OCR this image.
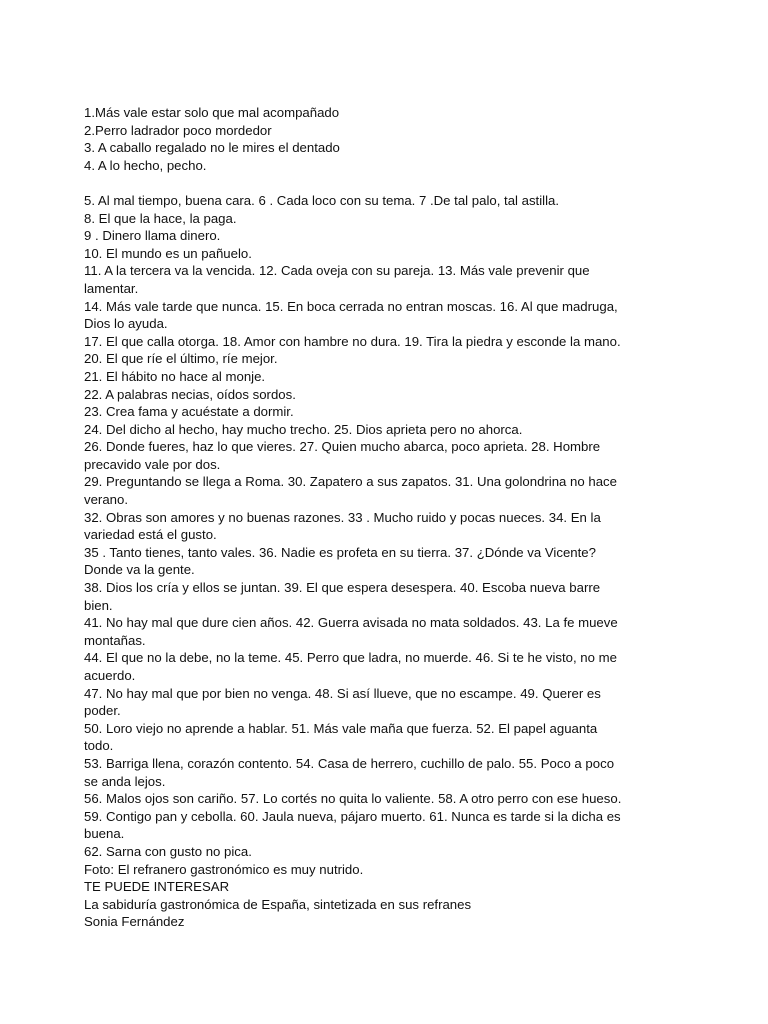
1.Más vale estar solo que mal acompañado

2.Perro ladrador poco mordedor

3. A caballo regalado no le mires el dentado

4. A lo hecho, pecho.

5. Al mal tiempo, buena cara. 6 . Cada loco con su tema. 7 .De tal palo, tal astilla.

8. El que la hace, la paga.

9 . Dinero llama dinero.

10. El mundo es un pañuelo.

11. A la tercera va la vencida. 12. Cada oveja con su pareja. 13. Más vale prevenir que lamentar.

14. Más vale tarde que nunca. 15. En boca cerrada no entran moscas. 16. Al que madruga, Dios lo ayuda.

17. El que calla otorga. 18. Amor con hambre no dura. 19. Tira la piedra y esconde la mano.

20. El que ríe el último, ríe mejor.

21. El hábito no hace al monje.

22. A palabras necias, oídos sordos.

23. Crea fama y acuéstate a dormir.

24. Del dicho al hecho, hay mucho trecho. 25. Dios aprieta pero no ahorca.

26. Donde fueres, haz lo que vieres. 27. Quien mucho abarca, poco aprieta. 28. Hombre precavido vale por dos.

29. Preguntando se llega a Roma. 30. Zapatero a sus zapatos. 31. Una golondrina no hace verano.

32. Obras son amores y no buenas razones. 33 . Mucho ruido y pocas nueces. 34. En la variedad está el gusto.

35 . Tanto tienes, tanto vales. 36. Nadie es profeta en su tierra. 37. ¿Dónde va Vicente? Donde va la gente.

38. Dios los cría y ellos se juntan. 39. El que espera desespera. 40. Escoba nueva barre bien.

41. No hay mal que dure cien años. 42. Guerra avisada no mata soldados. 43. La fe mueve montañas.

44. El que no la debe, no la teme. 45. Perro que ladra, no muerde. 46. Si te he visto, no me acuerdo.

47. No hay mal que por bien no venga. 48. Si así llueve, que no escampe. 49. Querer es poder.

50. Loro viejo no aprende a hablar. 51. Más vale maña que fuerza. 52. El papel aguanta todo.

53. Barriga llena, corazón contento. 54. Casa de herrero, cuchillo de palo. 55. Poco a poco se anda lejos.

56. Malos ojos son cariño. 57. Lo cortés no quita lo valiente. 58. A otro perro con ese hueso.

59. Contigo pan y cebolla. 60. Jaula nueva, pájaro muerto. 61. Nunca es tarde si la dicha es buena.

62. Sarna con gusto no pica.

Foto: El refranero gastronómico es muy nutrido.

TE PUEDE INTERESAR

La sabiduría gastronómica de España, sintetizada en sus refranes

Sonia Fernández
